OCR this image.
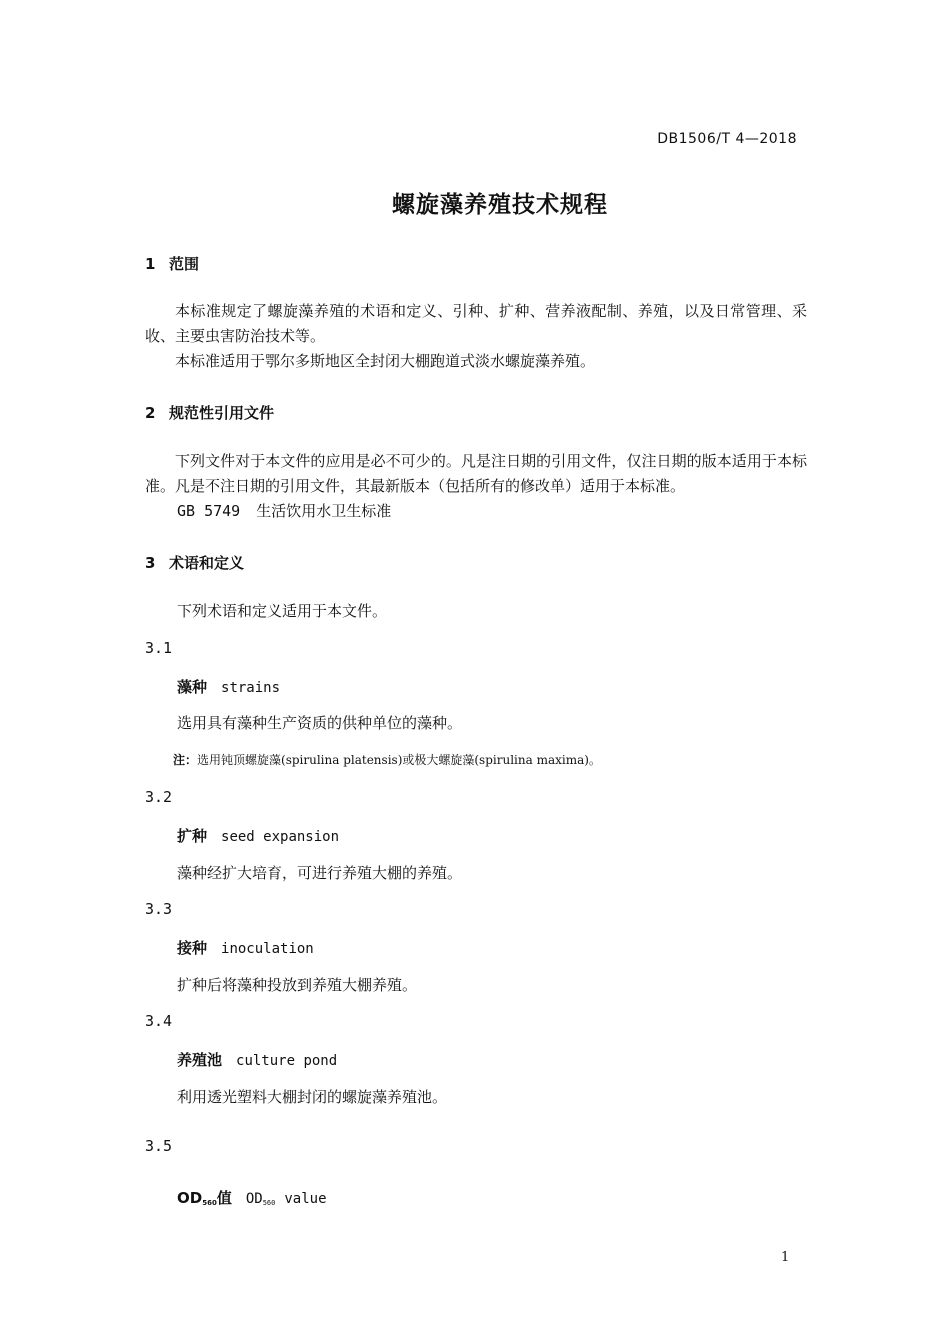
DB1506/T 4—2018
螺旋藻养殖技术规程
1 范围
本标准规定了螺旋藻养殖的术语和定义、引种、扩种、营养液配制、养殖，以及日常管理、采收、主要虫害防治技术等。
本标准适用于鄂尔多斯地区全封闭大棚跑道式淡水螺旋藻养殖。
2 规范性引用文件
下列文件对于本文件的应用是必不可少的。凡是注日期的引用文件，仅注日期的版本适用于本标准。凡是不注日期的引用文件，其最新版本（包括所有的修改单）适用于本标准。
GB 5749 生活饮用水卫生标准
3 术语和定义
下列术语和定义适用于本文件。
3.1
藻种 strains
选用具有藻种生产资质的供种单位的藻种。
注：选用钝顶螺旋藻(spirulina platensis)或极大螺旋藻(spirulina maxima)。
3.2
扩种 seed expansion
藻种经扩大培育，可进行养殖大棚的养殖。
3.3
接种 inoculation
扩种后将藻种投放到养殖大棚养殖。
3.4
养殖池 culture pond
利用透光塑料大棚封闭的螺旋藻养殖池。
3.5
$OD_{560}$值 $OD_{560}$ value
1
